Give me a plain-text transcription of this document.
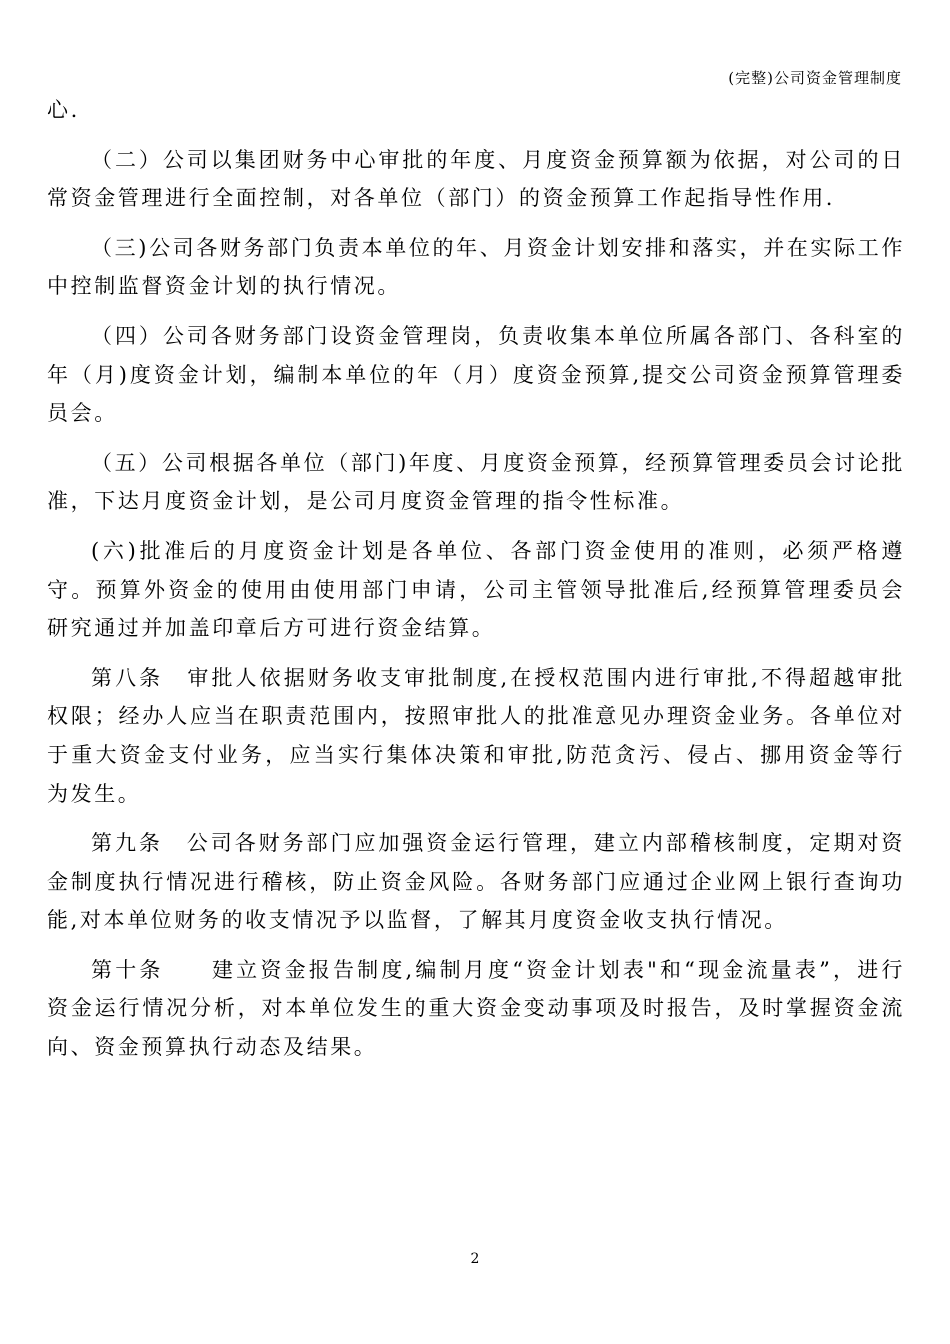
(完整)公司资金管理制度

心.

（二）公司以集团财务中心审批的年度、月度资金预算额为依据，对公司的日常资金管理进行全面控制，对各单位（部门）的资金预算工作起指导性作用.

（三)公司各财务部门负责本单位的年、月资金计划安排和落实，并在实际工作中控制监督资金计划的执行情况。

（四）公司各财务部门设资金管理岗，负责收集本单位所属各部门、各科室的年（月)度资金计划，编制本单位的年（月）度资金预算,提交公司资金预算管理委员会。

（五）公司根据各单位（部门)年度、月度资金预算，经预算管理委员会讨论批准，下达月度资金计划，是公司月度资金管理的指令性标准。

(六)批准后的月度资金计划是各单位、各部门资金使用的准则，必须严格遵守。预算外资金的使用由使用部门申请，公司主管领导批准后,经预算管理委员会研究通过并加盖印章后方可进行资金结算。

第八条　审批人依据财务收支审批制度,在授权范围内进行审批,不得超越审批权限；经办人应当在职责范围内，按照审批人的批准意见办理资金业务。各单位对于重大资金支付业务，应当实行集体决策和审批,防范贪污、侵占、挪用资金等行为发生。

第九条　公司各财务部门应加强资金运行管理，建立内部稽核制度，定期对资金制度执行情况进行稽核，防止资金风险。各财务部门应通过企业网上银行查询功能,对本单位财务的收支情况予以监督，了解其月度资金收支执行情况。

第十条　　建立资金报告制度,编制月度“资金计划表"和“现金流量表”，进行资金运行情况分析，对本单位发生的重大资金变动事项及时报告，及时掌握资金流向、资金预算执行动态及结果。

2
